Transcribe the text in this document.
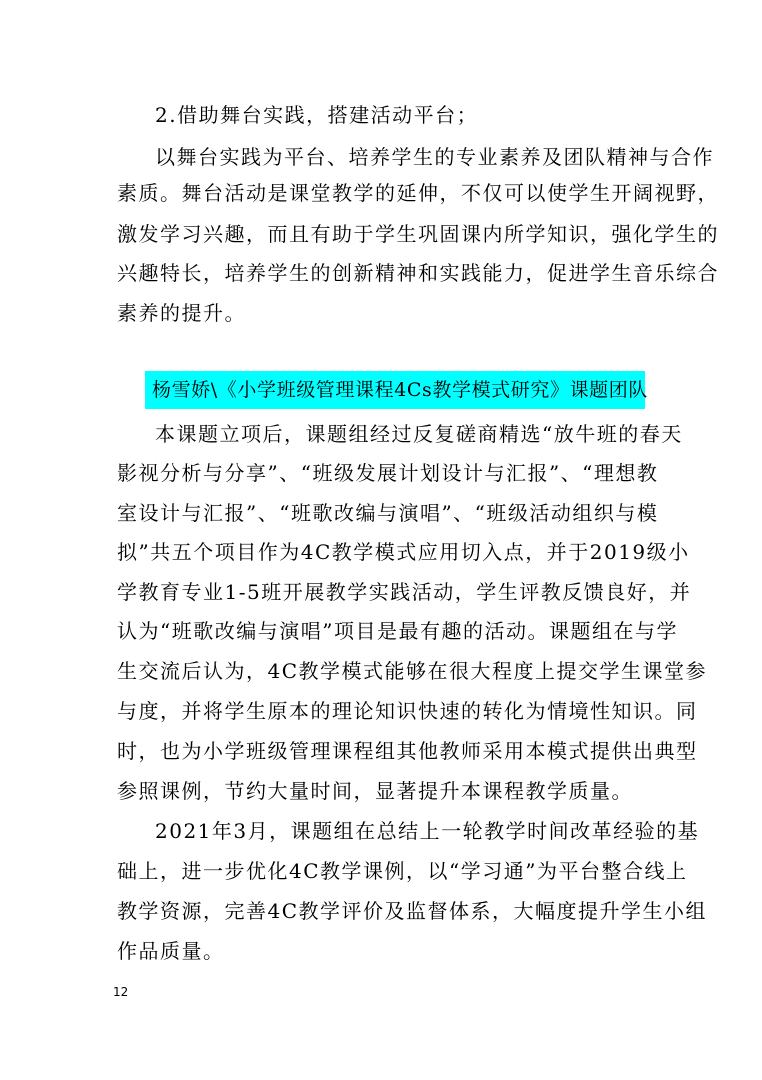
2.借助舞台实践，搭建活动平台；
以舞台实践为平台、培养学生的专业素养及团队精神与合作
素质。舞台活动是课堂教学的延伸，不仅可以使学生开阔视野，
激发学习兴趣，而且有助于学生巩固课内所学知识，强化学生的
兴趣特长，培养学生的创新精神和实践能力，促进学生音乐综合
素养的提升。
杨雪娇\《小学班级管理课程4Cs教学模式研究》课题团队
本课题立项后，课题组经过反复磋商精选“放牛班的春天
影视分析与分享”、“班级发展计划设计与汇报”、“理想教
室设计与汇报”、“班歌改编与演唱”、“班级活动组织与模
拟”共五个项目作为4C教学模式应用切入点，并于2019级小
学教育专业1-5班开展教学实践活动，学生评教反馈良好，并
认为“班歌改编与演唱”项目是最有趣的活动。课题组在与学
生交流后认为，4C教学模式能够在很大程度上提交学生课堂参
与度，并将学生原本的理论知识快速的转化为情境性知识。同
时，也为小学班级管理课程组其他教师采用本模式提供出典型
参照课例，节约大量时间，显著提升本课程教学质量。
2021年3月，课题组在总结上一轮教学时间改革经验的基
础上，进一步优化4C教学课例，以“学习通”为平台整合线上
教学资源，完善4C教学评价及监督体系，大幅度提升学生小组
作品质量。
12
